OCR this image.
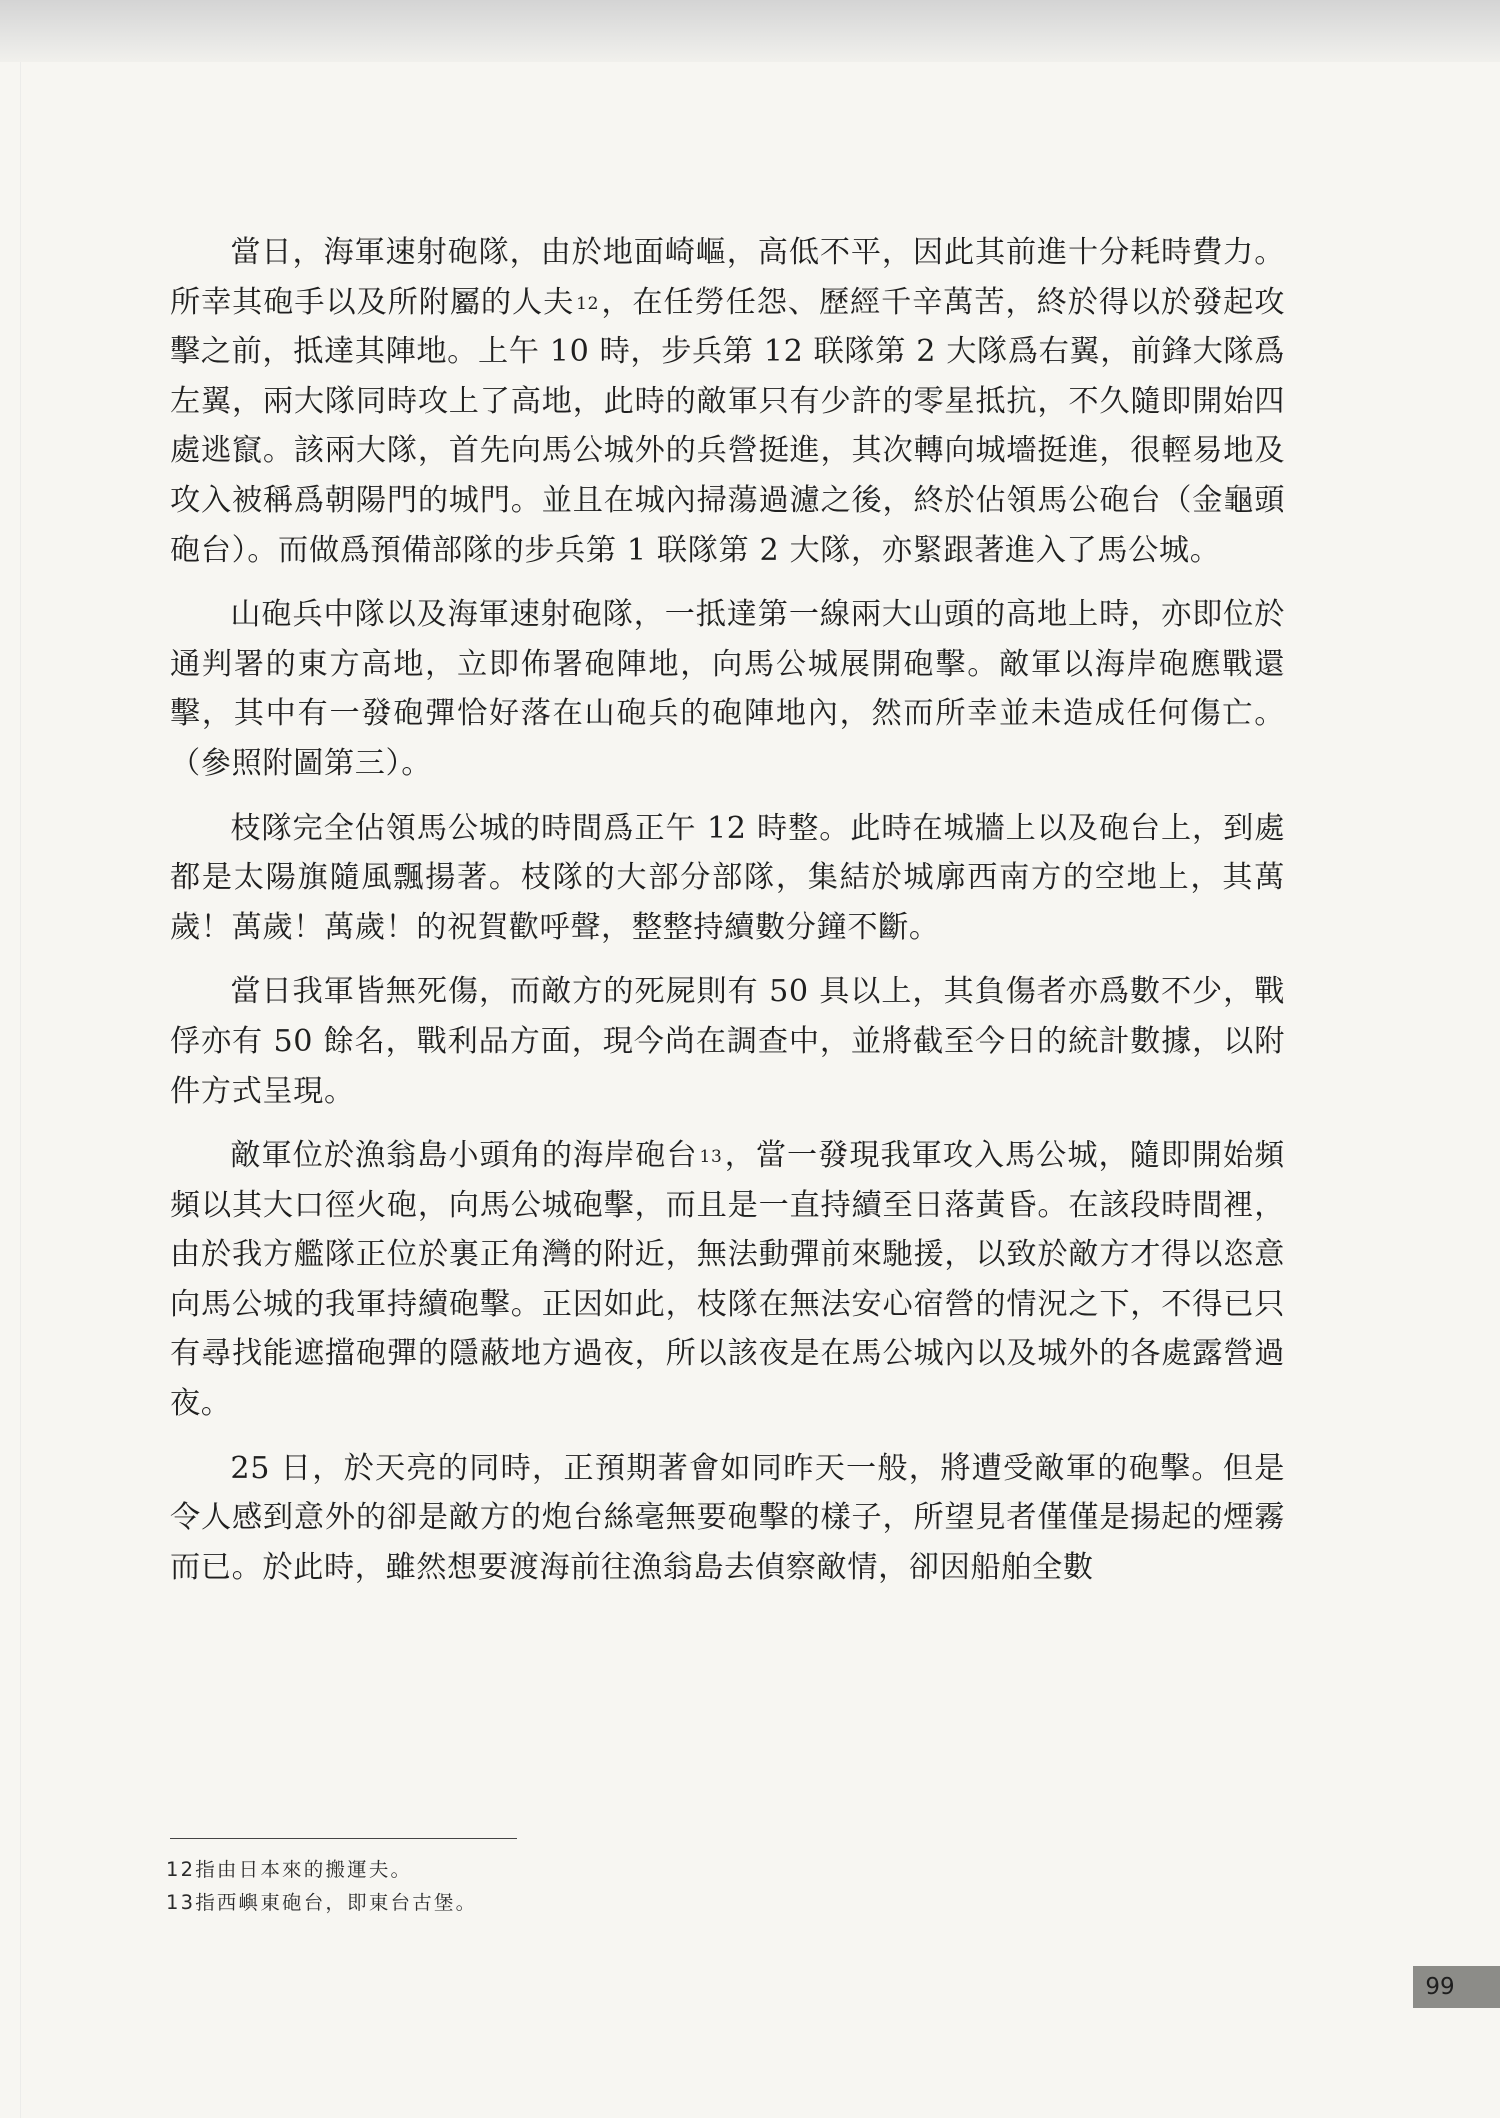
當日，海軍速射砲隊，由於地面崎嶇，高低不平，因此其前進十分耗時費力。所幸其砲手以及所附屬的人夫 $^{12}$，在任勞任怨、歷經千辛萬苦，終於得以於發起攻擊之前，抵達其陣地。上午 10 時，步兵第 12 联隊第 2 大隊爲右翼，前鋒大隊爲左翼，兩大隊同時攻上了高地，此時的敵軍只有少許的零星抵抗，不久隨即開始四處逃竄。該兩大隊，首先向馬公城外的兵營挺進，其次轉向城墻挺進，很輕易地及攻入被稱爲朝陽門的城門。並且在城內掃蕩過濾之後，終於佔領馬公砲台（金龜頭砲台）。而做爲預備部隊的步兵第 1 联隊第 2 大隊，亦緊跟著進入了馬公城。

山砲兵中隊以及海軍速射砲隊，一抵達第一線兩大山頭的高地上時，亦即位於通判署的東方高地，立即佈署砲陣地，向馬公城展開砲擊。敵軍以海岸砲應戰還擊，其中有一發砲彈恰好落在山砲兵的砲陣地內，然而所幸並未造成任何傷亡。（參照附圖第三）。

枝隊完全佔領馬公城的時間爲正午 12 時整。此時在城牆上以及砲台上，到處都是太陽旗隨風飄揚著。枝隊的大部分部隊，集結於城廓西南方的空地上，其萬歲！萬歲！萬歲！的祝賀歡呼聲，整整持續數分鐘不斷。

當日我軍皆無死傷，而敵方的死屍則有 50 具以上，其負傷者亦爲數不少，戰俘亦有 50 餘名，戰利品方面，現今尚在調查中，並將截至今日的統計數據，以附件方式呈現。

敵軍位於漁翁島小頭角的海岸砲台 $^{13}$，當一發現我軍攻入馬公城，隨即開始頻頻以其大口徑火砲，向馬公城砲擊，而且是一直持續至日落黃昏。在該段時間裡，由於我方艦隊正位於裏正角灣的附近，無法動彈前來馳援，以致於敵方才得以恣意向馬公城的我軍持續砲擊。正因如此，枝隊在無法安心宿營的情況之下，不得已只有尋找能遮擋砲彈的隱蔽地方過夜，所以該夜是在馬公城內以及城外的各處露營過夜。

25 日，於天亮的同時，正預期著會如同昨天一般，將遭受敵軍的砲擊。但是令人感到意外的卻是敵方的炮台絲毫無要砲擊的樣子，所望見者僅僅是揚起的煙霧而已。於此時，雖然想要渡海前往漁翁島去偵察敵情，卻因船舶全數

12指由日本來的搬運夫。
13指西嶼東砲台，即東台古堡。
99
